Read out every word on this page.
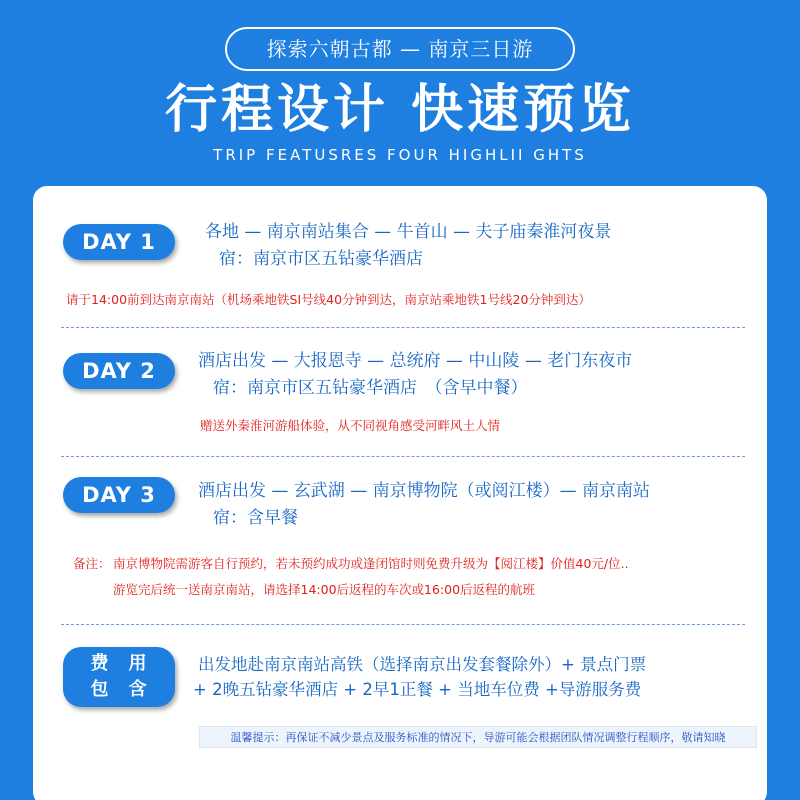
探索六朝古都 — 南京三日游
行程设计 快速预览
TRIP FEATUSRES FOUR HIGHLII GHTS
DAY 1	各地 — 南京南站集合 — 牛首山 — 夫子庙秦淮河夜景
宿：南京市区五钻豪华酒店
请于14:00前到达南京南站（机场乘地铁SI号线40分钟到达，南京站乘地铁1号线20分钟到达）
DAY 2	酒店出发 — 大报恩寺 — 总统府 — 中山陵 — 老门东夜市
宿：南京市区五钻豪华酒店　（含早中餐）
赠送外秦淮河游船体验，从不同视角感受河畔风土人情
DAY 3	酒店出发 — 玄武湖 — 南京博物院（或阅江楼）— 南京南站
宿：含早餐
备注： 南京博物院需游客自行预约，若未预约成功或逢闭馆时则免费升级为【阅江楼】价值40元/位..
游览完后统一送南京南站，请选择14:00后返程的车次或16:00后返程的航班
费　用
包　含
出发地赴南京南站高铁（选择南京出发套餐除外）+ 景点门票
+ 2晚五钻豪华酒店 + 2早1正餐 + 当地车位费 +导游服务费
温馨提示：再保证不减少景点及服务标准的情况下，导游可能会根据团队情况调整行程顺序，敬请知晓
